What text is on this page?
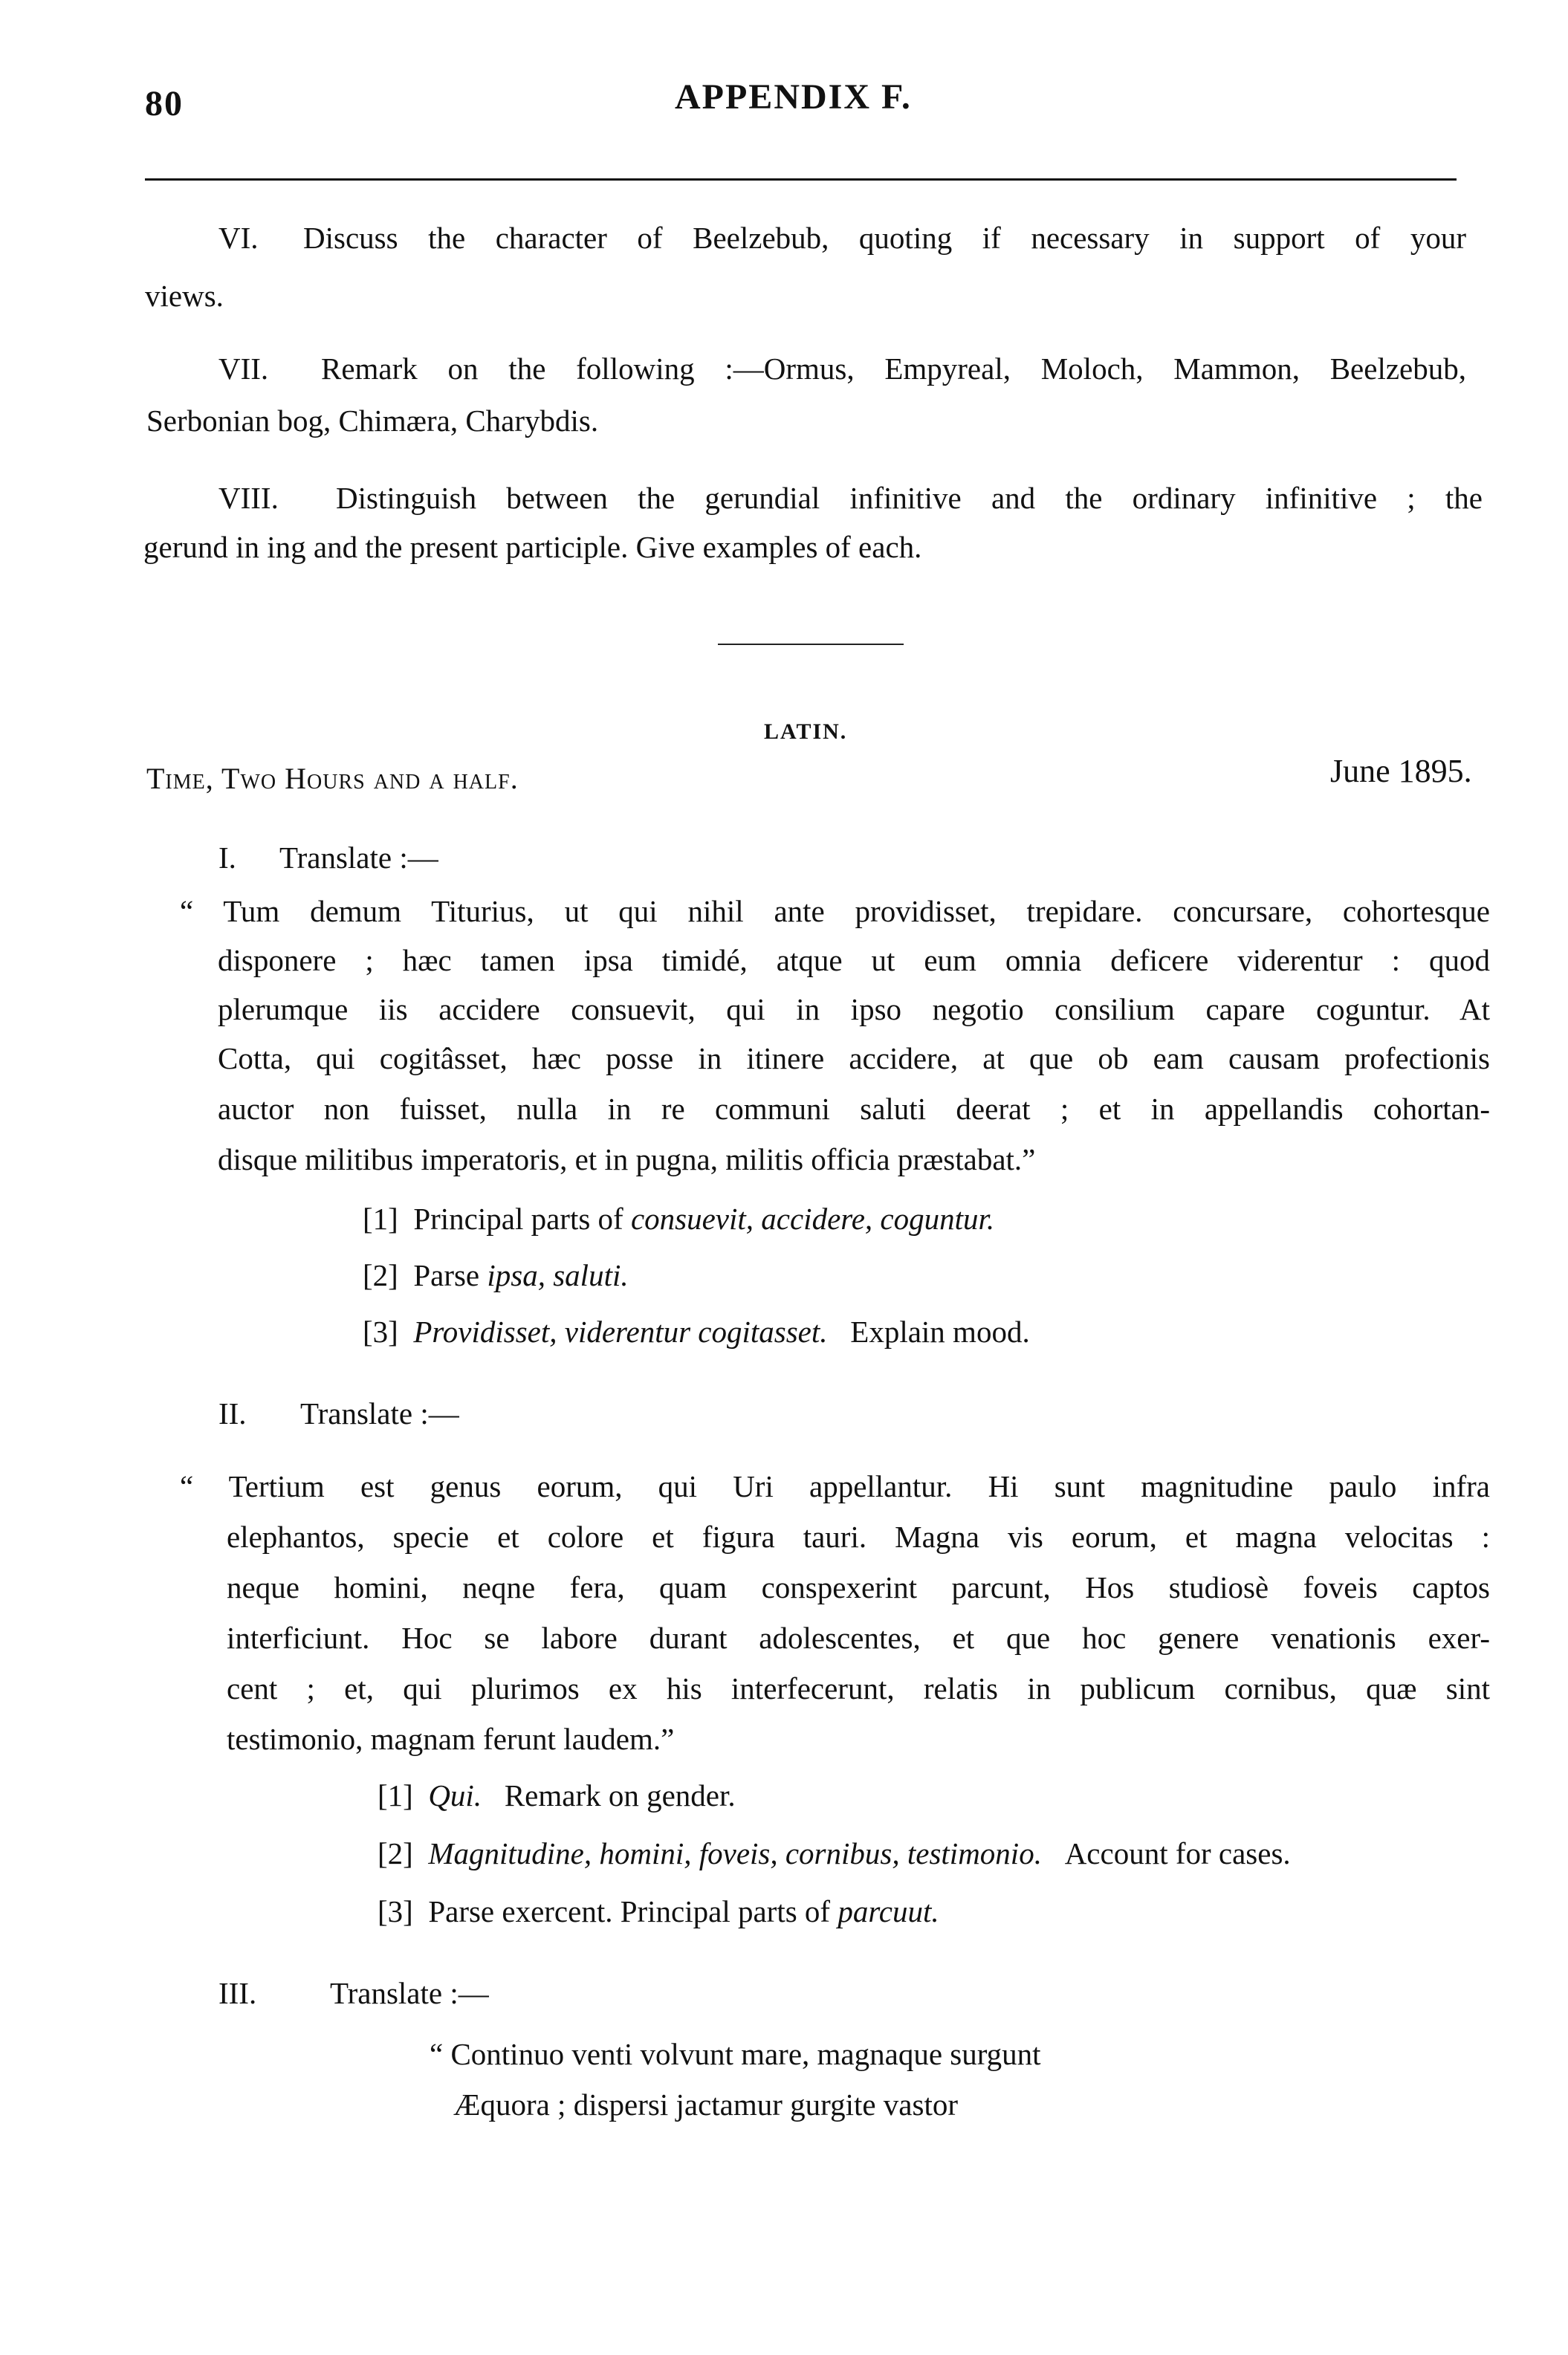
80	APPENDIX F.
VI. Discuss the character of Beelzebub, quoting if necessary in support of your
views.
VII. Remark on the following :—Ormus, Empyreal, Moloch, Mammon, Beelzebub,
Serbonian bog, Chimæra, Charybdis.
VIII. Distinguish between the gerundial infinitive and the ordinary infinitive ; the
gerund in ing and the present participle. Give examples of each.
LATIN.
Time, Two Hours and a half.	June 1895.
I. Translate :—
“ Tum demum Titurius, ut qui nihil ante providisset, trepidare. concursare, cohortesque
disponere ; hæc tamen ipsa timidé, atque ut eum omnia deficere viderentur : quod
plerumque iis accidere consuevit, qui in ipso negotio consilium capare coguntur. At
Cotta, qui cogitâsset, hæc posse in itinere accidere, at que ob eam causam profectionis
auctor non fuisset, nulla in re communi saluti deerat ; et in appellandis cohortan-
disque militibus imperatoris, et in pugna, militis officia præstabat.”
[1] Principal parts of consuevit, accidere, coguntur.
[2] Parse ipsa, saluti.
[3] Providisset, viderentur cogitasset. Explain mood.
II. Translate :—
“ Tertium est genus eorum, qui Uri appellantur. Hi sunt magnitudine paulo infra
elephantos, specie et colore et figura tauri. Magna vis eorum, et magna velocitas :
neque homini, neqne fera, quam conspexerint parcunt, Hos studiosè foveis captos
interficiunt. Hoc se labore durant adolescentes, et que hoc genere venationis exer-
cent ; et, qui plurimos ex his interfecerunt, relatis in publicum cornibus, quæ sint
testimonio, magnam ferunt laudem.”
[1] Qui. Remark on gender.
[2] Magnitudine, homini, foveis, cornibus, testimonio. Account for cases.
[3] Parse exercent. Principal parts of parcuut.
III. Translate :—
“ Continuo venti volvunt mare, magnaque surgunt
Æquora ; dispersi jactamur gurgite vastor
